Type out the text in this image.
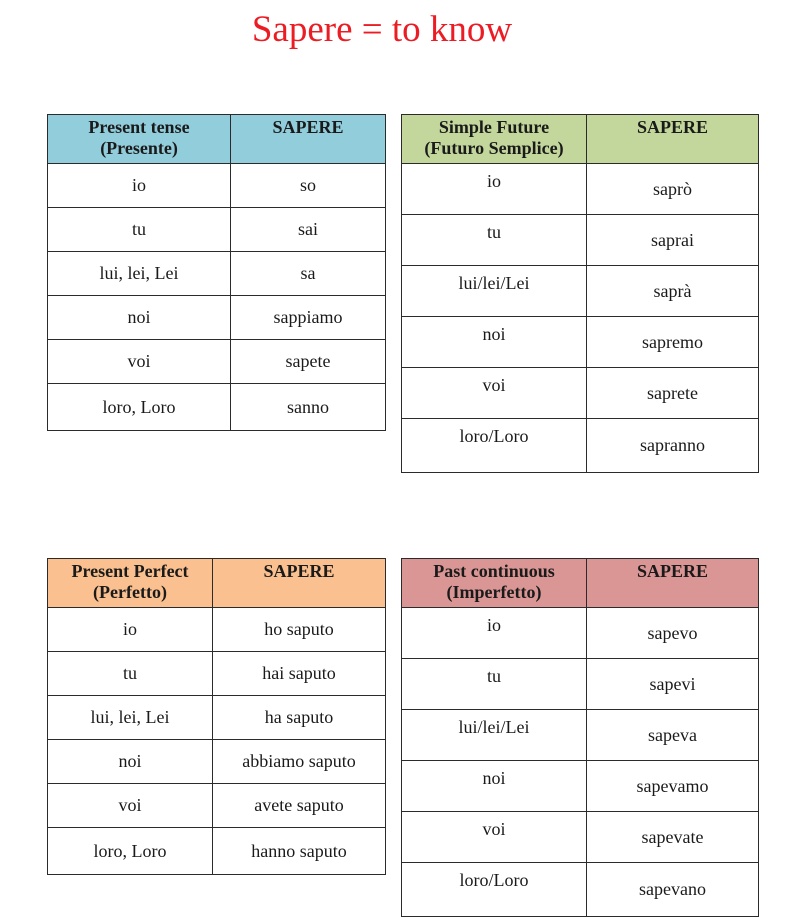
Sapere = to know
Present tense
(Presente)	SAPERE
io	so
tu	sai
lui, lei, Lei	sa
noi	sappiamo
voi	sapete
loro, Loro	sanno
Simple Future
(Futuro Semplice)	SAPERE
io	saprò
tu	saprai
lui/lei/Lei	saprà
noi	sapremo
voi	saprete
loro/Loro	sapranno
Present Perfect
(Perfetto)	SAPERE
io	ho saputo
tu	hai saputo
lui, lei, Lei	ha saputo
noi	abbiamo saputo
voi	avete saputo
loro, Loro	hanno saputo
Past continuous
(Imperfetto)	SAPERE
io	sapevo
tu	sapevi
lui/lei/Lei	sapeva
noi	sapevamo
voi	sapevate
loro/Loro	sapevano
